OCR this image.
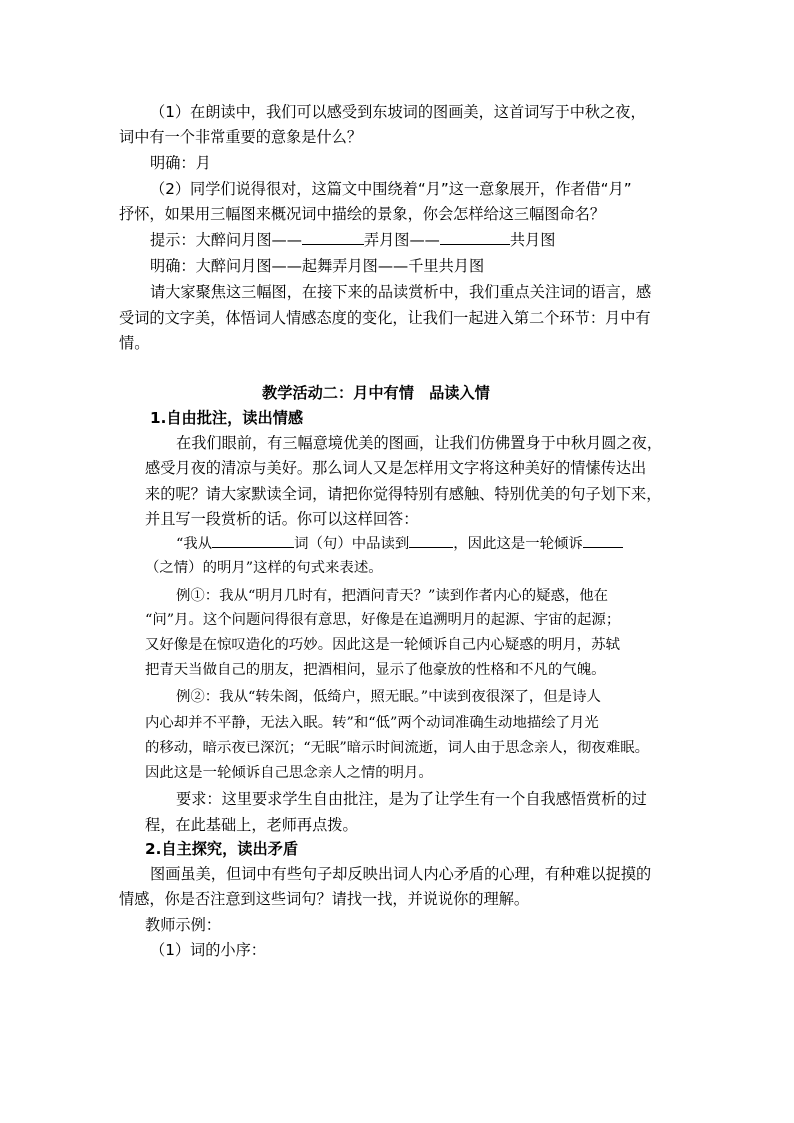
（1）在朗读中，我们可以感受到东坡词的图画美，这首词写于中秋之夜，
词中有一个非常重要的意象是什么？
明确：月
（2）同学们说得很对，这篇文中围绕着“月”这一意象展开，作者借“月”
抒怀，如果用三幅图来概况词中描绘的景象，你会怎样给这三幅图命名？
提示：大醉问月图——	弄月图——	共月图
明确：大醉问月图——起舞弄月图——千里共月图
请大家聚焦这三幅图，在接下来的品读赏析中，我们重点关注词的语言，感
受词的文字美，体悟词人情感态度的变化，让我们一起进入第二个环节：月中有
情。
教学活动二：月中有情　品读入情
1.自由批注，读出情感
在我们眼前，有三幅意境优美的图画，让我们仿佛置身于中秋月圆之夜，
感受月夜的清凉与美好。那么词人又是怎样用文字将这种美好的情愫传达出
来的呢？请大家默读全词，请把你觉得特别有感触、特别优美的句子划下来，
并且写一段赏析的话。你可以这样回答：
“我从	词（句）中品读到	，因此这是一轮倾诉
（之情）的明月”这样的句式来表述。
例①：我从“明月几时有，把酒问青天？”读到作者内心的疑惑，他在
“问”月。这个问题问得很有意思，好像是在追溯明月的起源、宇宙的起源；
又好像是在惊叹造化的巧妙。因此这是一轮倾诉自己内心疑惑的明月，苏轼
把青天当做自己的朋友，把酒相问，显示了他豪放的性格和不凡的气魄。
例②：我从“转朱阁，低绮户，照无眠。”中读到夜很深了，但是诗人
内心却并不平静，无法入眠。转”和“低”两个动词准确生动地描绘了月光
的移动，暗示夜已深沉；“无眠”暗示时间流逝，词人由于思念亲人，彻夜难眠。
因此这是一轮倾诉自己思念亲人之情的明月。
要求：这里要求学生自由批注，是为了让学生有一个自我感悟赏析的过
程，在此基础上，老师再点拨。
2.自主探究，读出矛盾
图画虽美，但词中有些句子却反映出词人内心矛盾的心理，有种难以捉摸的
情感，你是否注意到这些词句？请找一找，并说说你的理解。
教师示例：
（1）词的小序：
